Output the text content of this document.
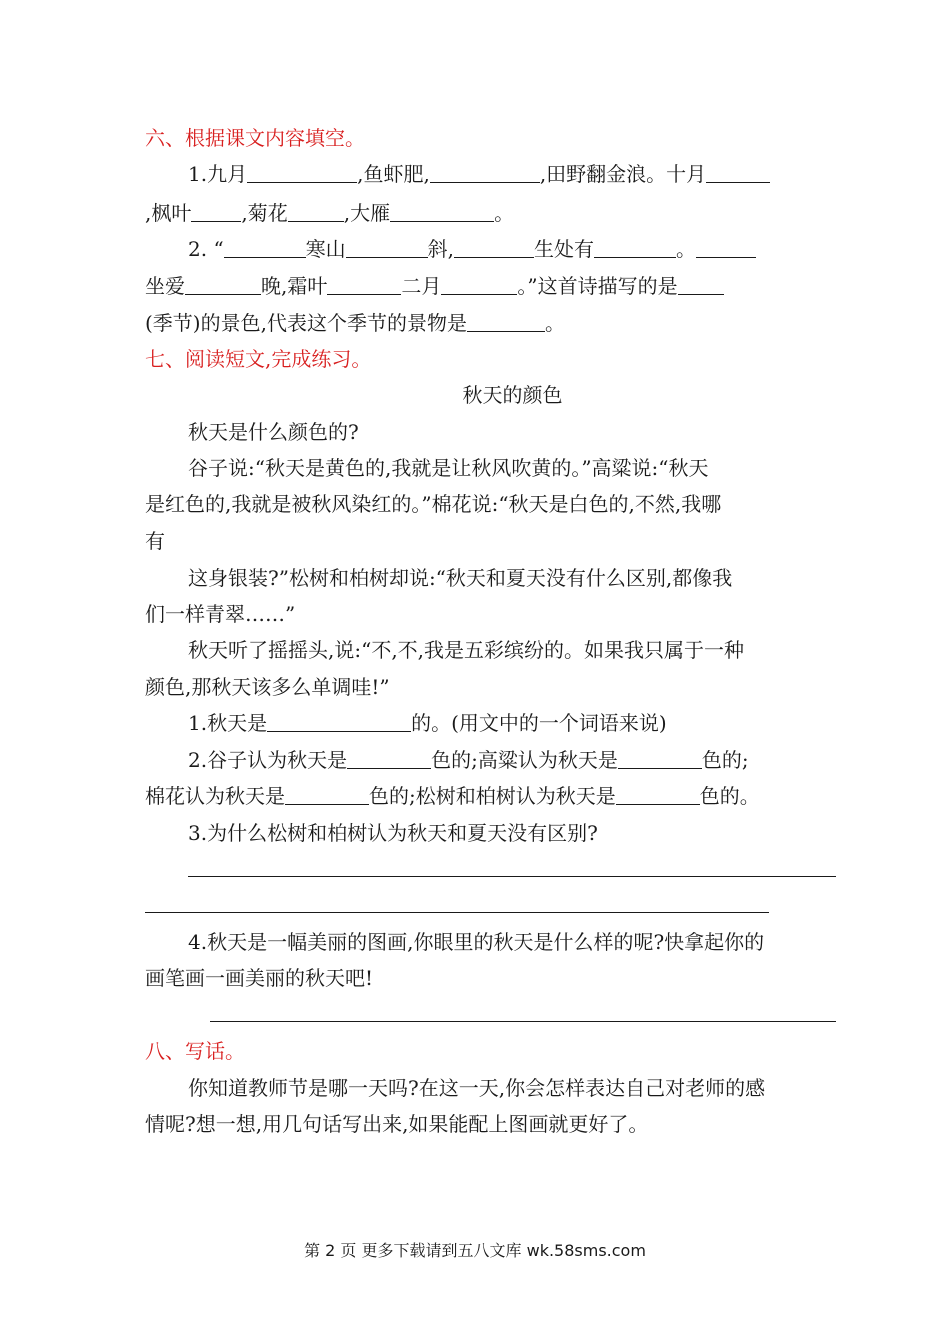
六、根据课文内容填空。
1.九月	,鱼虾肥,	,田野翻金浪。十月
,枫叶	,菊花	,大雁	。
2. “	寒山	斜,	生处有	。
坐爱	晚,霜叶	二月	。”这首诗描写的是
(季节)的景色,代表这个季节的景物是	。
七、阅读短文,完成练习。
秋天的颜色
秋天是什么颜色的?
谷子说:“秋天是黄色的,我就是让秋风吹黄的。”高粱说:“秋天
是红色的,我就是被秋风染红的。”棉花说:“秋天是白色的,不然,我哪
有
这身银装?”松树和柏树却说:“秋天和夏天没有什么区别,都像我
们一样青翠……”
秋天听了摇摇头,说:“不,不,我是五彩缤纷的。如果我只属于一种
颜色,那秋天该多么单调哇!”
1.秋天是	的。(用文中的一个词语来说)
2.谷子认为秋天是	色的;高粱认为秋天是	色的;
棉花认为秋天是	色的;松树和柏树认为秋天是	色的。
3.为什么松树和柏树认为秋天和夏天没有区别?
4.秋天是一幅美丽的图画,你眼里的秋天是什么样的呢?快拿起你的
画笔画一画美丽的秋天吧!
八、写话。
你知道教师节是哪一天吗?在这一天,你会怎样表达自己对老师的感
情呢?想一想,用几句话写出来,如果能配上图画就更好了。
第 2 页 更多下载请到五八文库 wk.58sms.com
